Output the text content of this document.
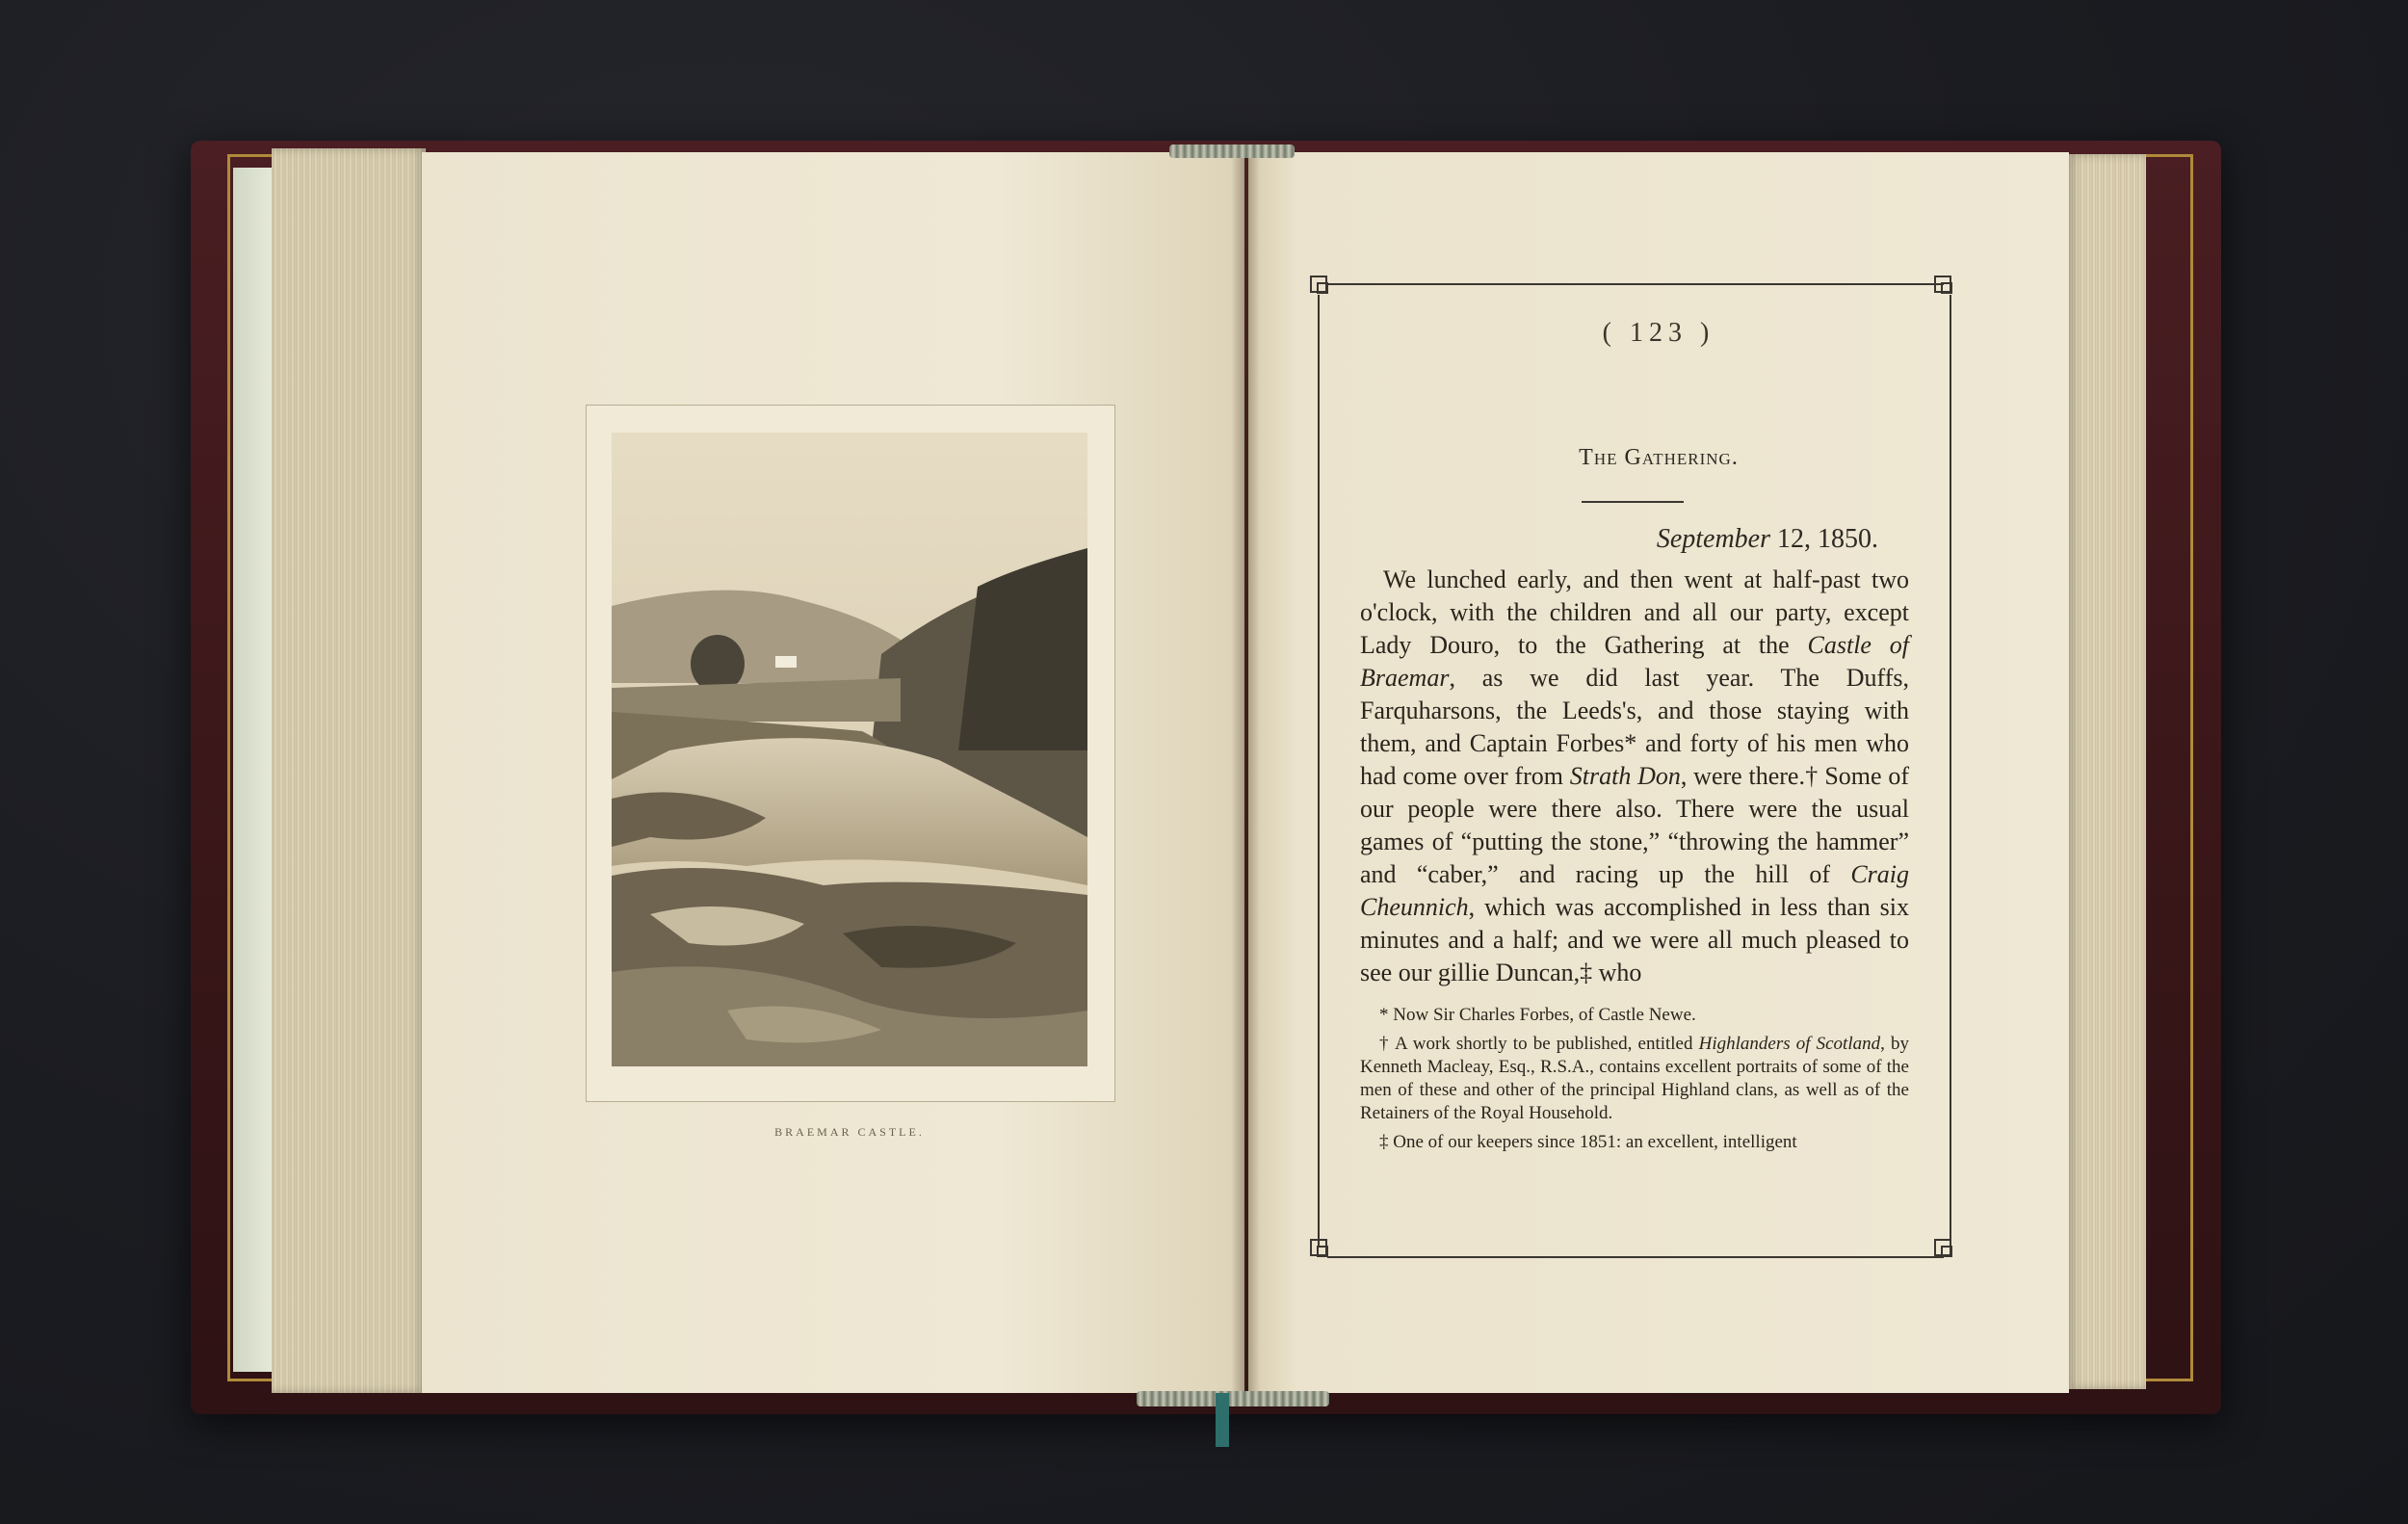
BRAEMAR CASTLE.
( 123 )
The Gathering.
September 12, 1850.

We lunched early, and then went at half-past two o'clock, with the children and all our party, except Lady Douro, to the Gathering at the Castle of Braemar, as we did last year. The Duffs, Farquharsons, the Leeds's, and those staying with them, and Captain Forbes* and forty of his men who had come over from Strath Don, were there.† Some of our people were there also. There were the usual games of “putting the stone,” “throwing the hammer” and “caber,” and racing up the hill of Craig Cheunnich, which was accomplished in less than six minutes and a half; and we were all much pleased to see our gillie Duncan,‡ who

* Now Sir Charles Forbes, of Castle Newe.

† A work shortly to be published, entitled Highlanders of Scotland, by Kenneth Macleay, Esq., R.S.A., contains excellent portraits of some of the men of these and other of the principal Highland clans, as well as of the Retainers of the Royal Household.

‡ One of our keepers since 1851: an excellent, intelligent
